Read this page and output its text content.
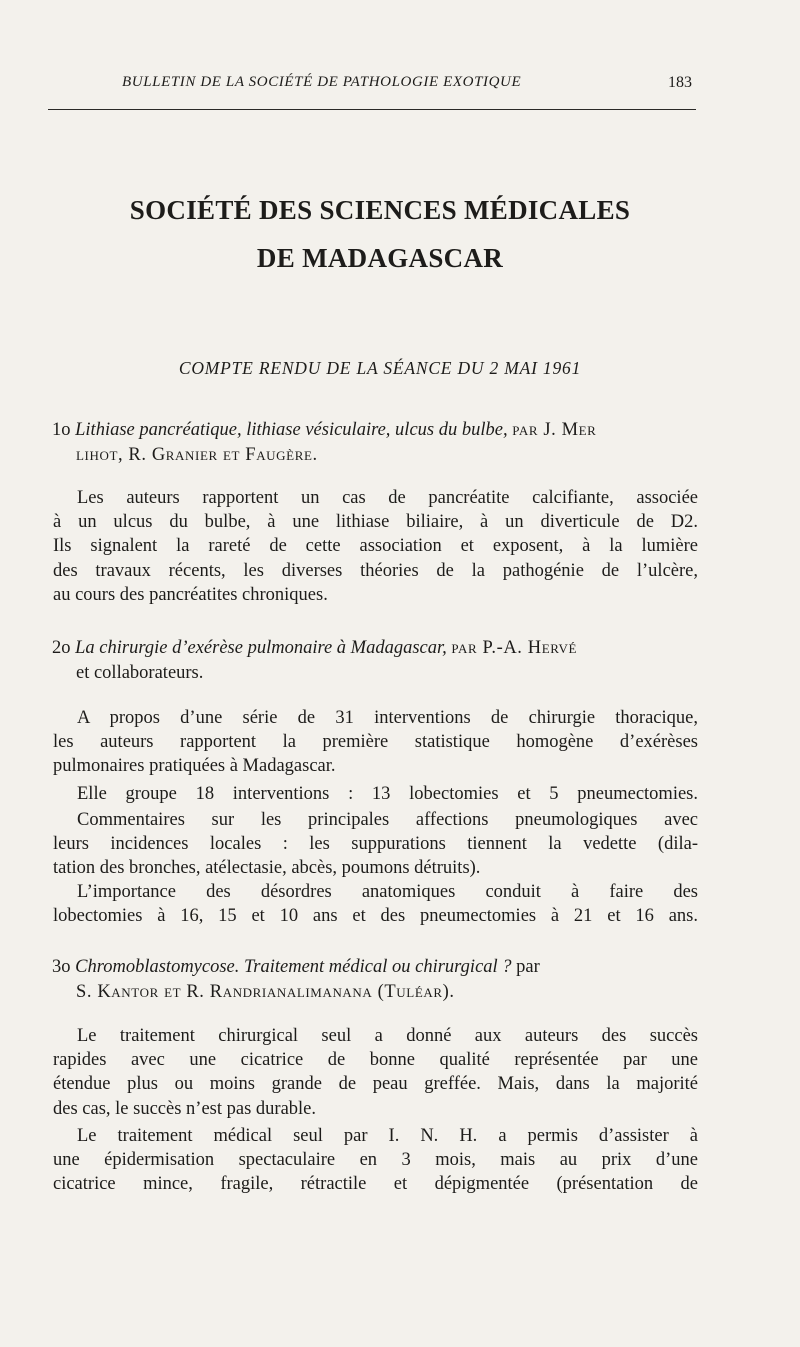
BULLETIN DE LA SOCIÉTÉ DE PATHOLOGIE EXOTIQUE	183
SOCIÉTÉ DES SCIENCES MÉDICALES
DE MADAGASCAR
COMPTE RENDU DE LA SÉANCE DU 2 MAI 1961
1o Lithiase pancréatique, lithiase vésiculaire, ulcus du bulbe, par J. Mer
lihot, R. Granier et Faugère.
Les auteurs rapportent un cas de pancréatite calcifiante, associée
à un ulcus du bulbe, à une lithiase biliaire, à un diverticule de D2.
Ils signalent la rareté de cette association et exposent, à la lumière
des travaux récents, les diverses théories de la pathogénie de l’ulcère,
au cours des pancréatites chroniques.
2o La chirurgie d’exérèse pulmonaire à Madagascar, par P.-A. Hervé
et collaborateurs.
A propos d’une série de 31 interventions de chirurgie thoracique,
les auteurs rapportent la première statistique homogène d’exérèses
pulmonaires pratiquées à Madagascar.
Elle groupe 18 interventions : 13 lobectomies et 5 pneumectomies.
Commentaires sur les principales affections pneumologiques avec
leurs incidences locales : les suppurations tiennent la vedette (dila-
tation des bronches, atélectasie, abcès, poumons détruits).
L’importance des désordres anatomiques conduit à faire des
lobectomies à 16, 15 et 10 ans et des pneumectomies à 21 et 16 ans.
3o Chromoblastomycose. Traitement médical ou chirurgical ? par
S. Kantor et R. Randrianalimanana (Tuléar).
Le traitement chirurgical seul a donné aux auteurs des succès
rapides avec une cicatrice de bonne qualité représentée par une
étendue plus ou moins grande de peau greffée. Mais, dans la majorité
des cas, le succès n’est pas durable.
Le traitement médical seul par I. N. H. a permis d’assister à
une épidermisation spectaculaire en 3 mois, mais au prix d’une
cicatrice mince, fragile, rétractile et dépigmentée (présentation de
